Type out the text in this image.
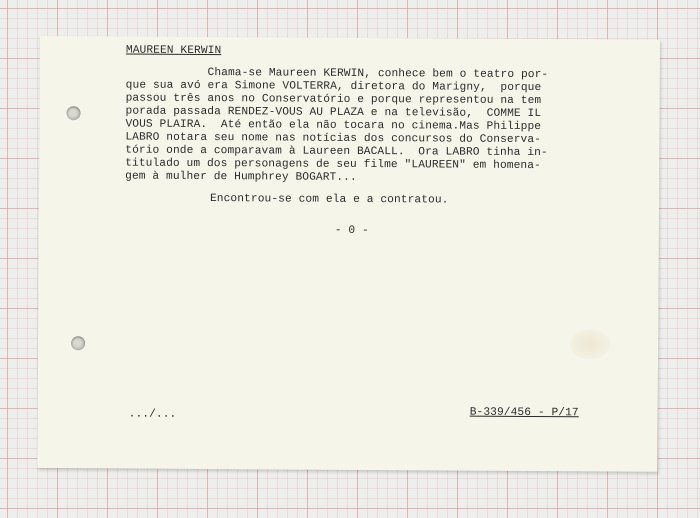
MAUREEN KERWIN
Chama-se Maureen KERWIN, conhece bem o teatro por-
que sua avó era Simone VOLTERRA, diretora do Marigny,  porque
passou três anos no Conservatório e porque representou na tem
porada passada RENDEZ-VOUS AU PLAZA e na televisão,  COMME IL
VOUS PLAIRA.  Até então ela não tocara no cinema.Mas Philippe
LABRO notara seu nome nas notícias dos concursos do Conserva-
tório onde a comparavam à Laureen BACALL.  Ora LABRO tinha in-
titulado um dos personagens de seu filme "LAUREEN" em homena-
gem à mulher de Humphrey BOGART...
Encontrou-se com ela e a contratou.
- 0 -
.../...	B-339/456 - P/17
